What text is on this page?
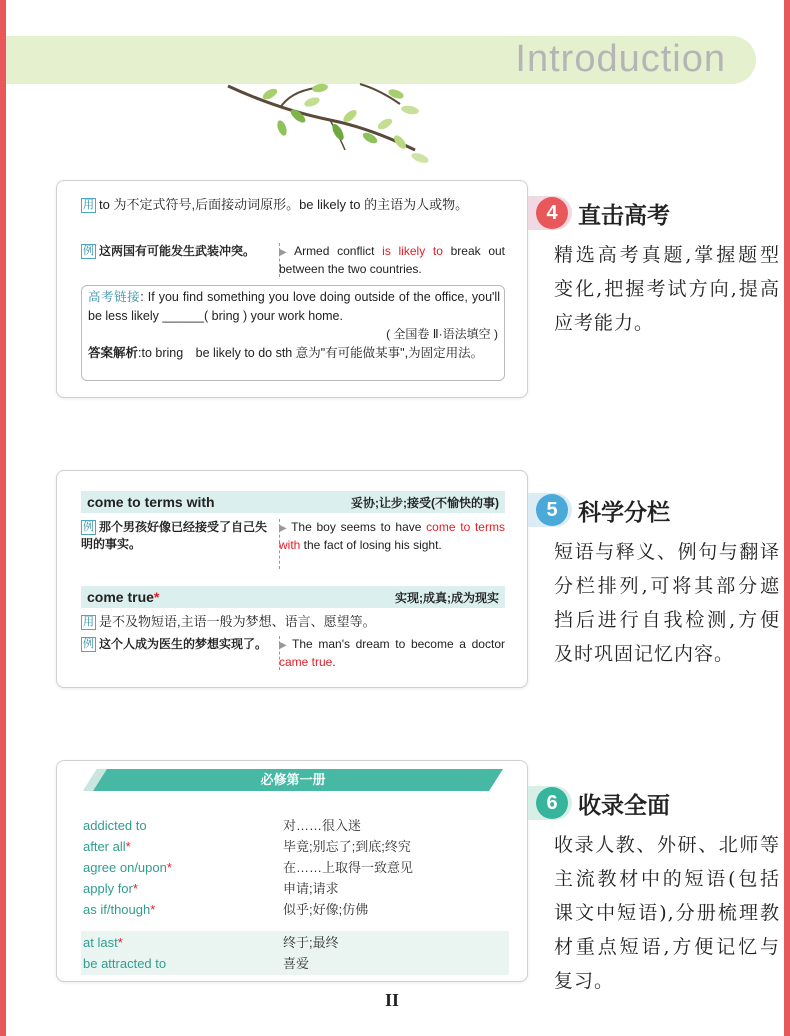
Introduction
用 to 为不定式符号,后面接动词原形。be likely to 的主语为人或物。
例 这两国有可能发生武装冲突。	▶ Armed conflict is likely to break out between the two countries.
高考链接: If you find something you love doing outside of the office, you'll be less likely ______( bring ) your work home.
( 全国卷 Ⅱ·语法填空 )
答案解析:to bring　be likely to do sth 意为"有可能做某事",为固定用法。
come to terms with	妥协;让步;接受(不愉快的事)
例 那个男孩好像已经接受了自己失明的事实。
▶ The boy seems to have come to terms with the fact of losing his sight.
come true*	实现;成真;成为现实
用 是不及物短语,主语一般为梦想、语言、愿望等。
例 这个人成为医生的梦想实现了。	▶ The man's dream to become a doctor came true.
必修第一册
addicted to	对……很入迷
after all*	毕竟;别忘了;到底;终究
agree on/upon*	在……上取得一致意见
apply for*	申请;请求
as if/though*	似乎;好像;仿佛
at last*	终于;最终
be attracted to	喜爱
4 直击高考
精选高考真题,掌握题型变化,把握考试方向,提高应考能力。
5 科学分栏
短语与释义、例句与翻译分栏排列,可将其部分遮挡后进行自我检测,方便及时巩固记忆内容。
6 收录全面
收录人教、外研、北师等主流教材中的短语(包括课文中短语),分册梳理教材重点短语,方便记忆与复习。
II
